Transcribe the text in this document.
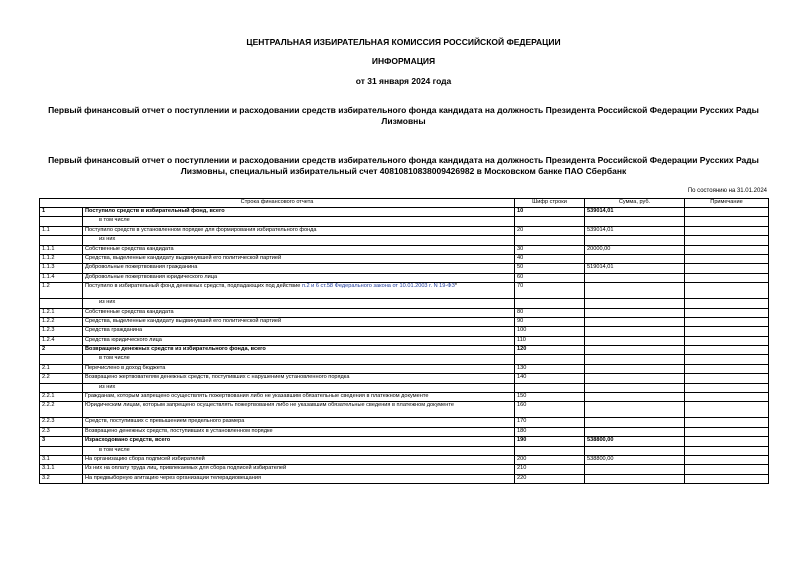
ЦЕНТРАЛЬНАЯ ИЗБИРАТЕЛЬНАЯ КОМИССИЯ РОССИЙСКОЙ ФЕДЕРАЦИИ
ИНФОРМАЦИЯ
от 31 января 2024 года
Первый финансовый отчет о поступлении и расходовании средств избирательного фонда кандидата на должность Президента Российской Федерации Русских Рады Лизмовны
Первый финансовый отчет о поступлении и расходовании средств избирательного фонда кандидата на должность Президента Российской Федерации Русских Рады Лизмовны, специальный избирательный счет 40810810838009426982 в Московском банке ПАО Сбербанк
По состоянию на 31.01.2024
Строка финансового отчета		Шифр строки	Сумма, руб.	Примечание
1	Поступило средств в избирательный фонд, всего	10	539014,01	
	в том числе			
1.1	Поступило средств в установленном порядке для формирования избирательного фонда	20	539014,01	
	из них			
1.1.1	Собственные средства кандидата	30	20000,00	
1.1.2	Средства, выделенные кандидату выдвинувшей его политической партией	40		
1.1.3	Добровольные пожертвования гражданина	50	519014,01	
1.1.4	Добровольные пожертвования юридического лица	60		
1.2	Поступило в избирательный фонд денежных средств, подпадающих под действие п.2 и 6 ст.58 Федерального закона от 10.01.2003 г. N 19-ФЗ*	70		
	из них			
1.2.1	Собственные средства кандидата	80		
1.2.2	Средства, выделенные кандидату выдвинувшей его политической партией	90		
1.2.3	Средства гражданина	100		
1.2.4	Средства юридического лица	110		
2	Возвращено денежных средств из избирательного фонда, всего	120		
	в том числе			
2.1	Перечислено в доход бюджета	130		
2.2	Возвращено жертвователям денежных средств, поступивших с нарушением установленного порядка	140		
	из них			
2.2.1	Гражданам, которым запрещено осуществлять пожертвования либо не указавшим обязательные сведения в платежном документе	150		
2.2.2	Юридическим лицам, которым запрещено осуществлять пожертвования либо не указавшим обязательные сведения в платежном документе	160		
2.2.3	Средств, поступивших с превышением предельного размера	170		
2.3	Возвращено денежных средств, поступивших в установленном порядке	180		
3	Израсходовано средств, всего	190	538800,00	
	в том числе			
3.1	На организацию сбора подписей избирателей	200	538800,00	
3.1.1	Из них на оплату труда лиц, привлекаемых для сбора подписей избирателей	210		
3.2	На предвыборную агитацию через организации телерадиовещания	220		
